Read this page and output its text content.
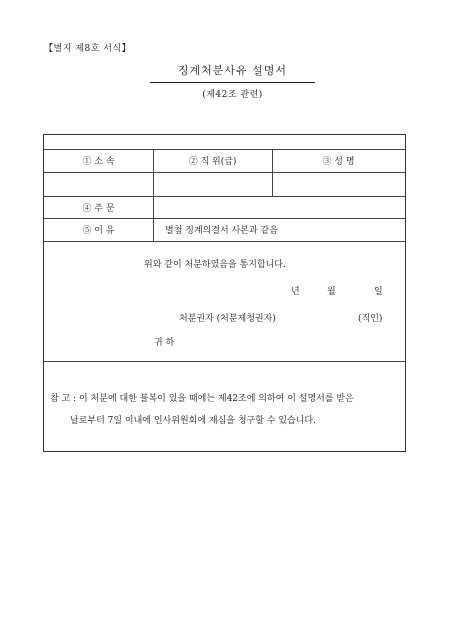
【별지 제8호 서식】
징계처분사유 설명서
(제42조 관련)
① 소 속	② 직 위(급)	③ 성 명
④ 주 문
⑤ 이 유	별첨 징계의결서 사본과 같음
위와 같이 처분하였음을 통지합니다.
년	월	일
처분권자 (처분제청권자)	(직인)
귀 하
참 고 : 이 처분에 대한 불복이 있을 때에는 제42조에 의하여 이 설명서를 받은
날로부터 7일 이내에 인사위원회에 재심을 청구할 수 있습니다.
